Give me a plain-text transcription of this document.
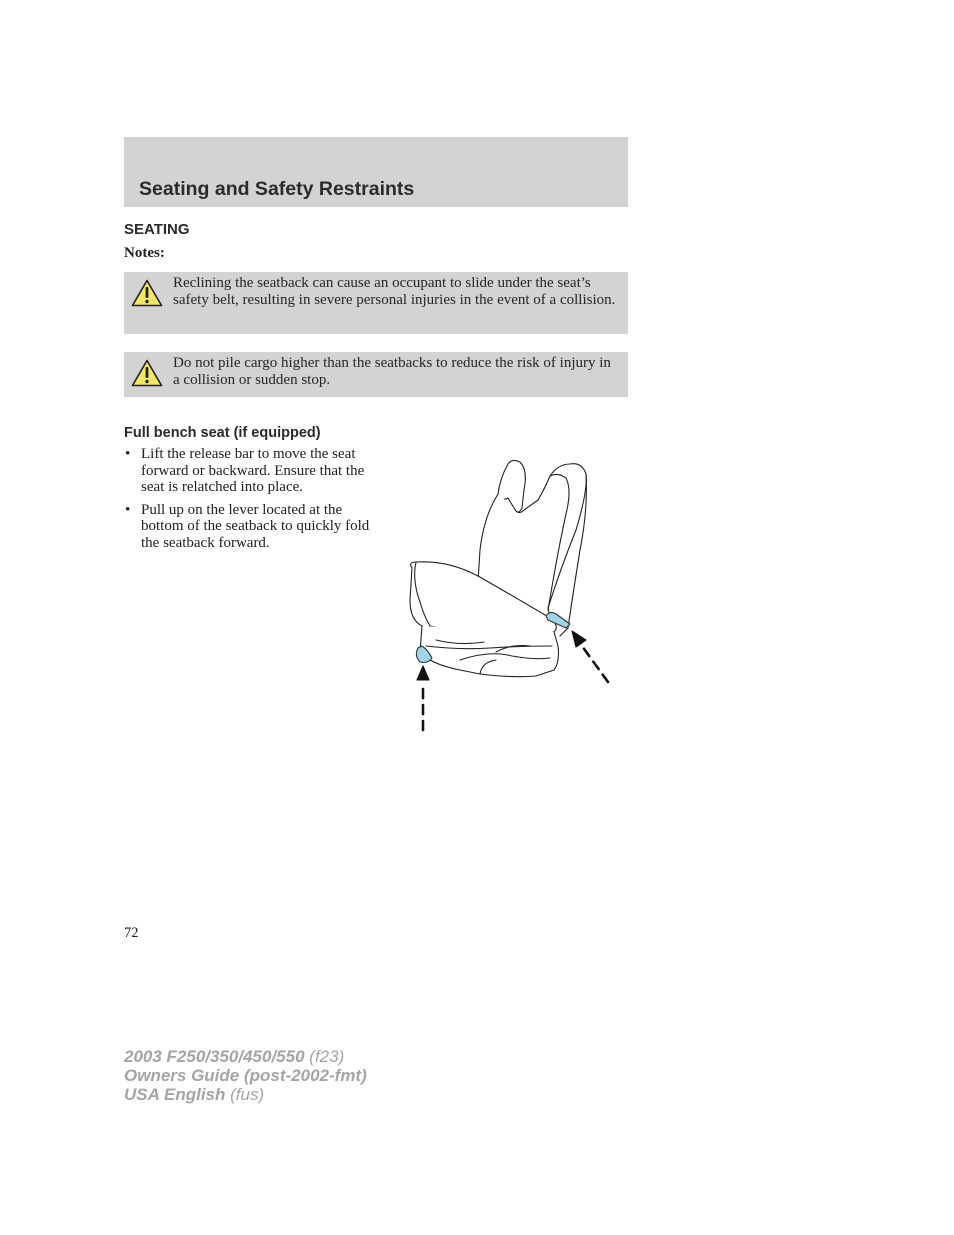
Seating and Safety Restraints
SEATING
Notes:
Reclining the seatback can cause an occupant to slide under the seat’s safety belt, resulting in severe personal injuries in the event of a collision.
Do not pile cargo higher than the seatbacks to reduce the risk of injury in a collision or sudden stop.
Full bench seat (if equipped)
• Lift the release bar to move the seat forward or backward. Ensure that the seat is relatched into place.
• Pull up on the lever located at the bottom of the seatback to quickly fold the seatback forward.
72
2003 F250/350/450/550 (f23)
Owners Guide (post-2002-fmt)
USA English (fus)
